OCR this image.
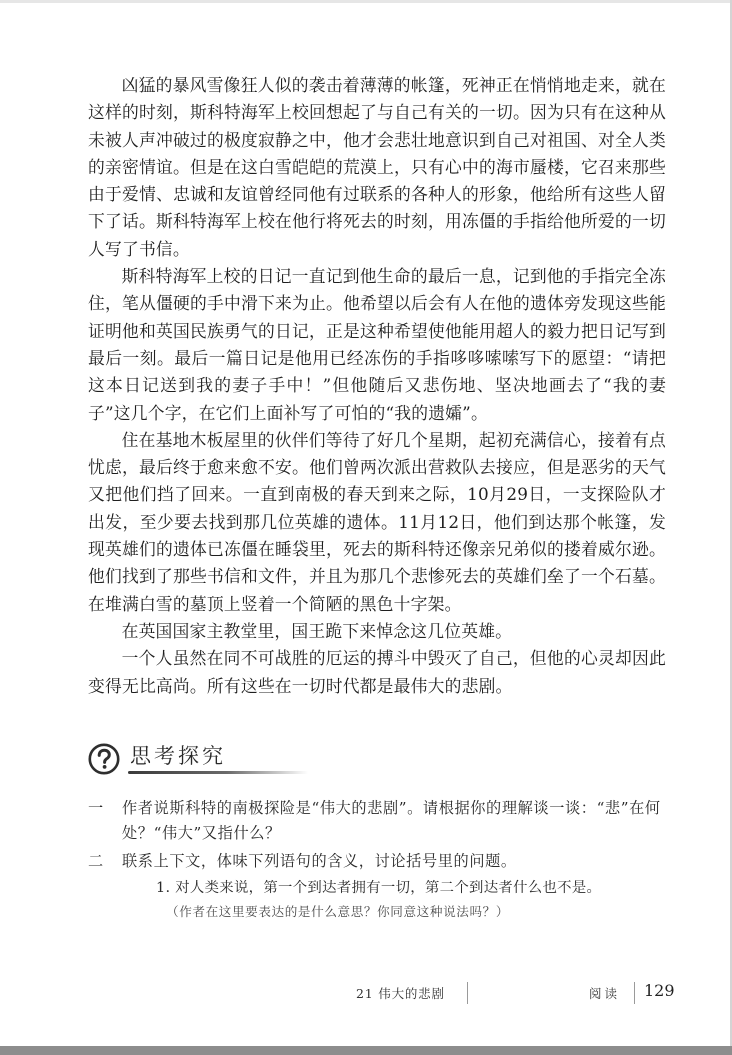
凶猛的暴风雪像狂人似的袭击着薄薄的帐篷，死神正在悄悄地走来，就在这样的时刻，斯科特海军上校回想起了与自己有关的一切。因为只有在这种从未被人声冲破过的极度寂静之中，他才会悲壮地意识到自己对祖国、对全人类的亲密情谊。但是在这白雪皑皑的荒漠上，只有心中的海市蜃楼，它召来那些由于爱情、忠诚和友谊曾经同他有过联系的各种人的形象，他给所有这些人留下了话。斯科特海军上校在他行将死去的时刻，用冻僵的手指给他所爱的一切人写了书信。

斯科特海军上校的日记一直记到他生命的最后一息，记到他的手指完全冻住，笔从僵硬的手中滑下来为止。他希望以后会有人在他的遗体旁发现这些能证明他和英国民族勇气的日记，正是这种希望使他能用超人的毅力把日记写到最后一刻。最后一篇日记是他用已经冻伤的手指哆哆嗦嗦写下的愿望：“请把这本日记送到我的妻子手中！”但他随后又悲伤地、坚决地画去了“我的妻子”这几个字，在它们上面补写了可怕的“我的遗孀”。

住在基地木板屋里的伙伴们等待了好几个星期，起初充满信心，接着有点忧虑，最后终于愈来愈不安。他们曾两次派出营救队去接应，但是恶劣的天气又把他们挡了回来。一直到南极的春天到来之际，10月29日，一支探险队才出发，至少要去找到那几位英雄的遗体。11月12日，他们到达那个帐篷，发现英雄们的遗体已冻僵在睡袋里，死去的斯科特还像亲兄弟似的搂着威尔逊。他们找到了那些书信和文件，并且为那几个悲惨死去的英雄们垒了一个石墓。在堆满白雪的墓顶上竖着一个简陋的黑色十字架。

在英国国家主教堂里，国王跪下来悼念这几位英雄。

一个人虽然在同不可战胜的厄运的搏斗中毁灭了自己，但他的心灵却因此变得无比高尚。所有这些在一切时代都是最伟大的悲剧。

思考探究
一 作者说斯科特的南极探险是“伟大的悲剧”。请根据你的理解谈一谈：“悲”在何处？“伟大”又指什么？
二 联系上下文，体味下列语句的含义，讨论括号里的问题。
1. 对人类来说，第一个到达者拥有一切，第二个到达者什么也不是。
（作者在这里要表达的是什么意思？你同意这种说法吗？）
21 伟大的悲剧	阅读 129
